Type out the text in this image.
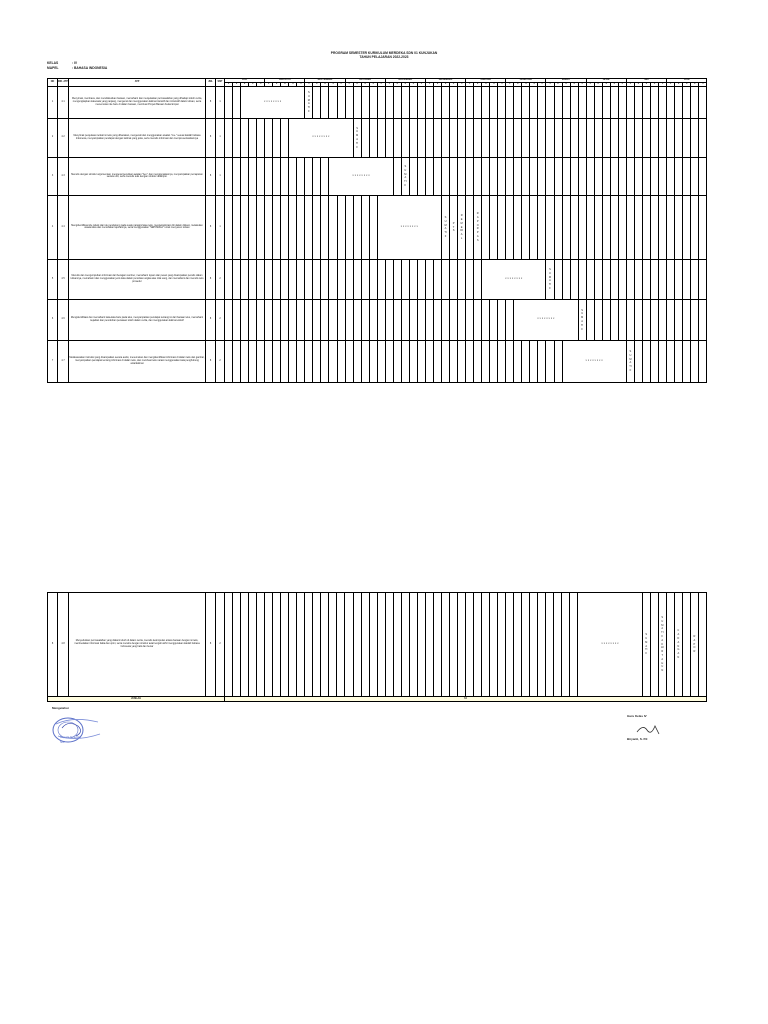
PROGRAM SEMESTER KURIKULUM MERDEKA SDN 01 KUNJUKAN
TAHUN PELAJARAN 2022-2023
KELAS	: IV
MAPEL	: BAHASA INDONESIA
NO	IND. ATP	ATP	JML	SMT	JULI	AGUSTUS	SEPTEMBER	OKTOBER	NOVEMBER	DESEMBER	JANUARI	FEBRUARI	MARET	APRIL	MEI	JUNI
1	2	3	4	5	1	2	3	4	5	1	2	3	4	5	1	2	3	4	5	1	2	3	4	5	1	2	3	4	5	1	2	3	4	5	1	2	3	4	5	1	2	3	4	5	1	2	3	4	5	1	2	3	4	5	1	2	3	4	5
1	4.1	Menyimak, membaca, dan mendiskusikan bacaan, memahami dan menjelaskan permasalahan yang dihadapi tokoh cerita, mengungkapkan kata-kata yang panjang, mengenal dan menggunakan kalimat transitif dan intransitif dalam tulisan, serta menemukan ide baru di dalam bacaan, membuat Proyek Bacaan Kelas Empat	8	1			x x x x x x x x	SUMATIF

2	4.2	Menyimak penjelasan terkait isi teks yang dibacakan, mengenali dan menggunakan awalan "me-" sesuai kaidah bahasa Indonesia, menyampaikan pendapat dengan kalimat yang jelas, serta menulis informasi dan mempresentasikannya	8	1									x x x x x x x x	SUMATIF

3	4.3	Menulis dengan struktur argumentasi, mengenal penulisan awalan "ber-" dan menggunakannya, menyampaikan pemaparan secara urut, serta menulis teks dengan struktur deskripsi.	8	1														x x x x x x x x		SUMATIF

4	4.4	Mengidentifikasi ide pokok dan ide pendukung pada suatu paragraf atau teks, mengeksplorasi diri dalam diskusi, melakukan wawancara dan menuliskan laporannya, serta menggunakan "SEHINGGA" untuk menyusun tulisan	8	1																				x x x x x x x x	SUMATIF	PTS	REMEDIAL		RAPOR PAS

5	4.5	Menulis dan mengumpulkan informasi dari beragam sumber, memahami tujuan dan pesan yang disampaikan penulis dalam tulisannya, memahami dan menggunakan jenis kata dalam penulisan angka atau nilai uang, dan memahami dan menulis teks prosedur	8	2																																	x x x x x x x x	SUMATIF

6	4.6	Mengidentifikasi dan memahami kata-kata baru pada teks, menyampaikan pendapat tentang isi dari bacaan teks, memahami kejadian dan penokohan perasaan tokoh dalam cerita, dan menggunakan kalimat efektif	8	2																																					x x x x x x x x	SUMATIF

7	4.7	Melaksanakan instruksi yang disampaikan secara audio, menemukan dan mengidentifikasi informasi di dalam teks dan gambar, menyampaikan pendapat tentang informasi di dalam teks, dan membuat teks narasi menggunakan kata penghubung antarkalimat	8	2																																											x x x x x x x x	SUMATIF

8	4.8	Menyebutkan permasalahan yang dialami tokoh di dalam cerita, menulis kesimpulan antara bacaan dengan isi teks, membedakan informasi fakta dan opini, serta menulis dengan struktur awal tengah akhir menggunakan kaidah bahasa Indonesia yang baik dan benar	8	2																																													x x x x x x x x	SUMATIF		SUMATIF AKHIR TAHUN		CADANGAN		RAPOR	

JUMLAH					64																																																				
Mengetahui
Kepala Sekolah
NIP
Guru Kelas IV
Biryanti, S. Pd
